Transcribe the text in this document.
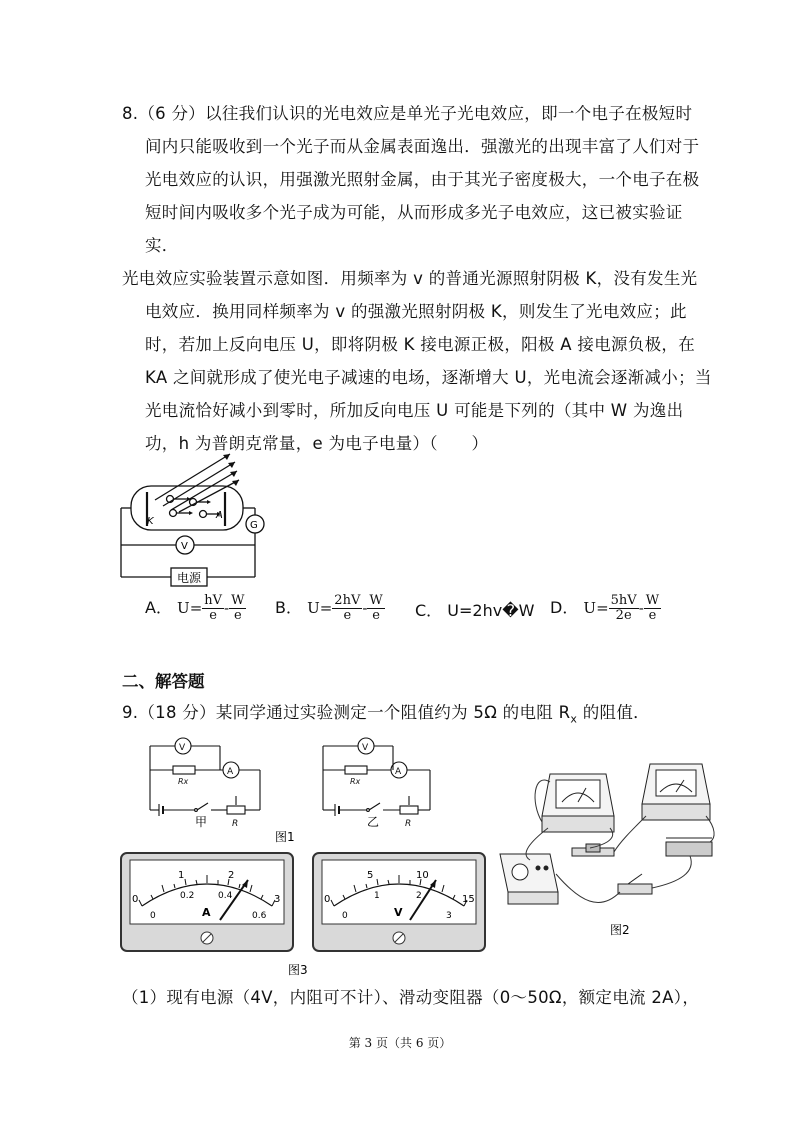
8.（6 分）以往我们认识的光电效应是单光子光电效应，即一个电子在极短时
间内只能吸收到一个光子而从金属表面逸出．强激光的出现丰富了人们对于
光电效应的认识，用强激光照射金属，由于其光子密度极大，一个电子在极
短时间内吸收多个光子成为可能，从而形成多光子电效应，这已被实验证
实．
光电效应实验装置示意如图．用频率为 v 的普通光源照射阴极 K，没有发生光
电效应．换用同样频率为 v 的强激光照射阴极 K，则发生了光电效应；此
时，若加上反向电压 U，即将阴极 K 接电源正极，阳极 A 接电源负极，在
KA 之间就形成了使光电子减速的电场，逐渐增大 U，光电流会逐渐减小；当
光电流恰好减小到零时，所加反向电压 U 可能是下列的（其中 W 为逸出
功，h 为普朗克常量，e 为电子电量）（　　）
K
A
G
V
电源
A． $U= \frac{hV}{e} - \frac{W}{e}$ B． $U= \frac{2hV}{e} - \frac{W}{e}$ C． U=2hv�W D． $U= \frac{5hV}{2e} - \frac{W}{e}$
二、解答题
9.（18 分）某同学通过实验测定一个阻值约为 5Ω 的电阻 $R_x$ 的阻值．
V
A
Rx
R
V
A
Rx
R
甲	乙
图1
图2
0
1	2
3
0
0.2	0.4
0.6
A
0
5	10
15
0
1	2
3
V
图3
（1）现有电源（4V，内阻可不计）、滑动变阻器（0～50Ω，额定电流 2A），
第 3 页（共 6 页）
